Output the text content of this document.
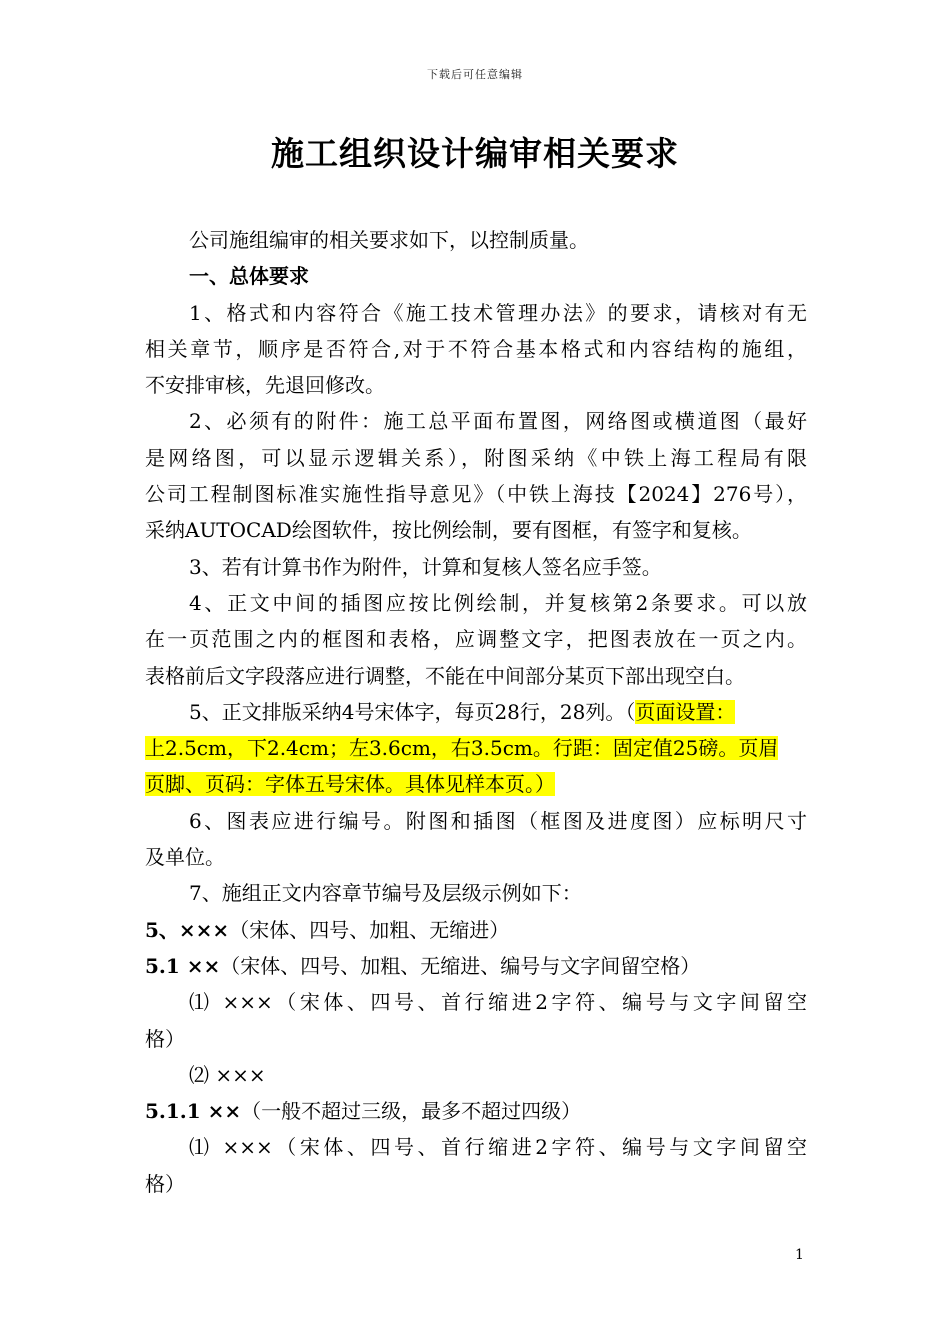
下载后可任意编辑
施工组织设计编审相关要求
公司施组编审的相关要求如下，以控制质量。
一、总体要求
1、格式和内容符合《施工技术管理办法》的要求，请核对有无
相关章节，顺序是否符合,对于不符合基本格式和内容结构的施组，
不安排审核，先退回修改。
2、必须有的附件：施工总平面布置图，网络图或横道图（最好
是网络图，可以显示逻辑关系），附图采纳《中铁上海工程局有限
公司工程制图标准实施性指导意见》（中铁上海技【2024】276号），
采纳AUTOCAD绘图软件，按比例绘制，要有图框，有签字和复核。
3、若有计算书作为附件，计算和复核人签名应手签。
4、正文中间的插图应按比例绘制，并复核第2条要求。可以放
在一页范围之内的框图和表格，应调整文字，把图表放在一页之内。
表格前后文字段落应进行调整，不能在中间部分某页下部出现空白。
5、正文排版采纳4号宋体字，每页28行，28列。（页面设置：
上2.5cm，下2.4cm；左3.6cm，右3.5cm。行距：固定值25磅。页眉
页脚、页码：字体五号宋体。具体见样本页。）
6、图表应进行编号。附图和插图（框图及进度图）应标明尺寸
及单位。
7、施组正文内容章节编号及层级示例如下：
5、×××（宋体、四号、加粗、无缩进）
5.1 ××（宋体、四号、加粗、无缩进、编号与文字间留空格）
⑴ ×××（宋体、四号、首行缩进2字符、编号与文字间留空
格）
⑵ ×××
5.1.1 ××（一般不超过三级，最多不超过四级）
⑴ ×××（宋体、四号、首行缩进2字符、编号与文字间留空
格）
1
